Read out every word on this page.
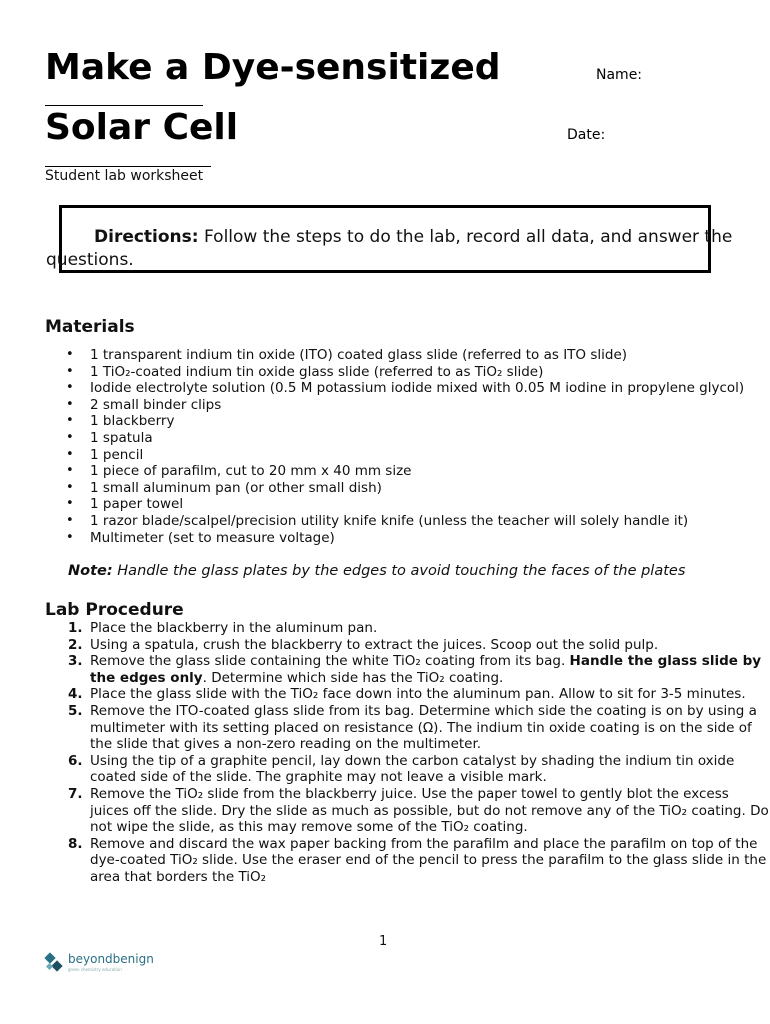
Make a Dye-sensitized	Name:
Solar Cell	Date:
Student lab worksheet
Directions: Follow the steps to do the lab, record all data, and answer the questions.
Materials
• 1 transparent indium tin oxide (ITO) coated glass slide (referred to as ITO slide)
• 1 TiO₂-coated indium tin oxide glass slide (referred to as TiO₂ slide)
• Iodide electrolyte solution (0.5 M potassium iodide mixed with 0.05 M iodine in propylene glycol)
• 2 small binder clips
• 1 blackberry
• 1 spatula
• 1 pencil
• 1 piece of parafilm, cut to 20 mm x 40 mm size
• 1 small aluminum pan (or other small dish)
• 1 paper towel
• 1 razor blade/scalpel/precision utility knife knife (unless the teacher will solely handle it)
• Multimeter (set to measure voltage)
Note: Handle the glass plates by the edges to avoid touching the faces of the plates
Lab Procedure
1. Place the blackberry in the aluminum pan.
2. Using a spatula, crush the blackberry to extract the juices. Scoop out the solid pulp.
3. Remove the glass slide containing the white TiO₂ coating from its bag. Handle the glass slide by the edges only. Determine which side has the TiO₂ coating.
4. Place the glass slide with the TiO₂ face down into the aluminum pan. Allow to sit for 3-5 minutes.
5. Remove the ITO-coated glass slide from its bag. Determine which side the coating is on by using a multimeter with its setting placed on resistance (Ω). The indium tin oxide coating is on the side of the slide that gives a non-zero reading on the multimeter.
6. Using the tip of a graphite pencil, lay down the carbon catalyst by shading the indium tin oxide coated side of the slide. The graphite may not leave a visible mark.
7. Remove the TiO₂ slide from the blackberry juice. Use the paper towel to gently blot the excess juices off the slide. Dry the slide as much as possible, but do not remove any of the TiO₂ coating. Do not wipe the slide, as this may remove some of the TiO₂ coating.
8. Remove and discard the wax paper backing from the parafilm and place the parafilm on top of the dye-coated TiO₂ slide. Use the eraser end of the pencil to press the parafilm to the glass slide in the area that borders the TiO₂
1
beyondbenign
green chemistry education
